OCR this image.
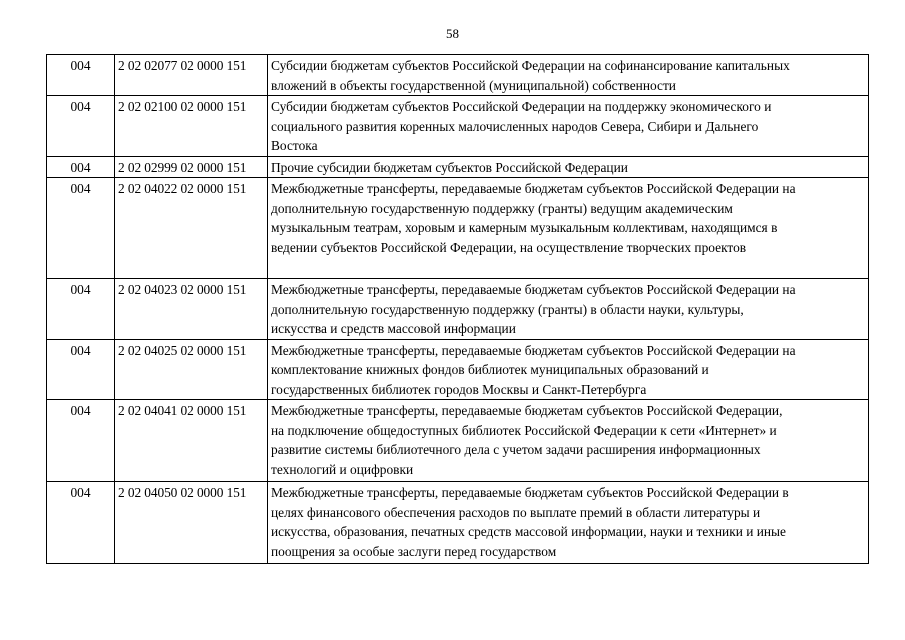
58
004	2 02 02077 02 0000 151	Субсидии бюджетам субъектов Российской Федерации на софинансирование капитальных
вложений в объекты государственной (муниципальной) собственности

004	2 02 02100 02 0000 151	Субсидии бюджетам субъектов Российской Федерации на поддержку экономического и
социального развития коренных малочисленных народов Севера, Сибири и Дальнего
Востока

004	2 02 02999 02 0000 151	Прочие субсидии бюджетам субъектов Российской Федерации

004	2 02 04022 02 0000 151	Межбюджетные трансферты, передаваемые бюджетам субъектов Российской Федерации на
дополнительную государственную поддержку (гранты) ведущим академическим
музыкальным театрам, хоровым и камерным музыкальным коллективам, находящимся в
ведении субъектов Российской Федерации, на осуществление творческих проектов

004	2 02 04023 02 0000 151	Межбюджетные трансферты, передаваемые бюджетам субъектов Российской Федерации на
дополнительную государственную поддержку (гранты) в области науки, культуры,
искусства и средств массовой информации

004	2 02 04025 02 0000 151	Межбюджетные трансферты, передаваемые бюджетам субъектов Российской Федерации на
комплектование книжных фондов библиотек муниципальных образований и
государственных библиотек городов Москвы и Санкт-Петербурга

004	2 02 04041 02 0000 151	Межбюджетные трансферты, передаваемые бюджетам субъектов Российской Федерации,
на подключение общедоступных библиотек Российской Федерации к сети «Интернет» и
развитие системы библиотечного дела с учетом задачи расширения информационных
технологий и оцифровки

004	2 02 04050 02 0000 151	Межбюджетные трансферты, передаваемые бюджетам субъектов Российской Федерации в
целях финансового обеспечения расходов по выплате премий в области литературы и
искусства, образования, печатных средств массовой информации, науки и техники и иные
поощрения за особые заслуги перед государством
